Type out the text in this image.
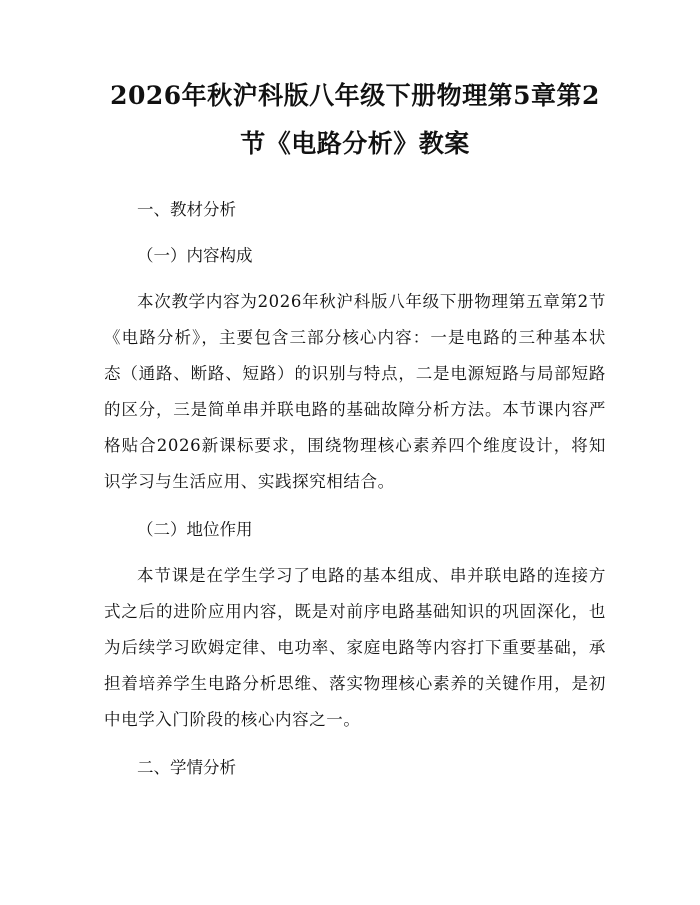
2026年秋沪科版八年级下册物理第5章第2
节《电路分析》教案
一、教材分析
（一）内容构成

本次教学内容为2026年秋沪科版八年级下册物理第五章第2节《电路分析》，主要包含三部分核心内容：一是电路的三种基本状态（通路、断路、短路）的识别与特点，二是电源短路与局部短路的区分，三是简单串并联电路的基础故障分析方法。本节课内容严格贴合2026新课标要求，围绕物理核心素养四个维度设计，将知识学习与生活应用、实践探究相结合。

（二）地位作用

本节课是在学生学习了电路的基本组成、串并联电路的连接方式之后的进阶应用内容，既是对前序电路基础知识的巩固深化，也为后续学习欧姆定律、电功率、家庭电路等内容打下重要基础，承担着培养学生电路分析思维、落实物理核心素养的关键作用，是初中电学入门阶段的核心内容之一。

二、学情分析
